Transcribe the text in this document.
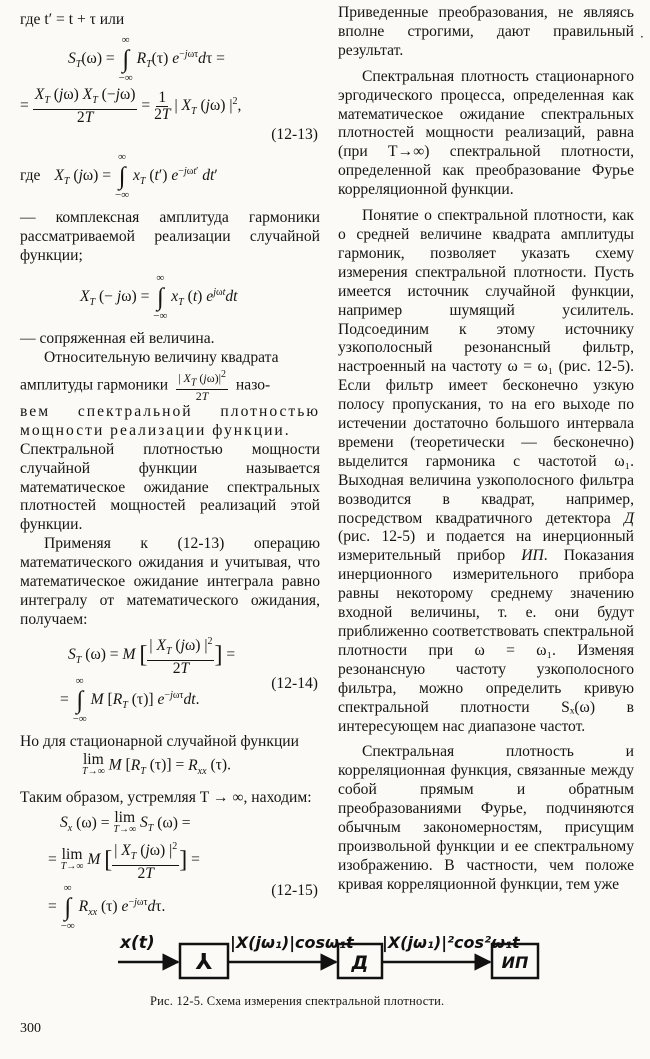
где t′ = t + τ или

$S_T(\omega)$ =
∞
∫
−∞
$R_T(\tau) e^{-j\omega\tau}d\tau$ =

= $\frac{X_T (j\omega) X_T (-j\omega)}{2T} = \frac{1}{2T}$ | $X_T$ (jω) $|^2$,

(12-13)

где $X_T$ (jω) =
∞
∫
−∞
$x_T$ (t′) $e^{-j\omega t'}$ dt′

— комплексная амплитуда гармоники рассматриваемой реализации случайной функции;

$X_T$ (− jω) =
∞
∫
−∞
$x_T$ (t) $e^{j\omega t}dt$

— сопряженная ей величина.

Относительную величину квадрата

амплитуды гармоники $\frac{| X_T (j\omega)|^2}{2T}$ назо-

вем спектральной плотностью мощности реализации функции.

Спектральной плотностью мощности случайной функции называется математическое ожидание спектральных плотностей мощностей реализаций этой функции.

Применяя к (12-13) операцию математического ожидания и учитывая, что математическое ожидание интеграла равно интегралу от математического ожидания, получаем:

$S_T$ (ω) = M [ $\frac{| X_T (j\omega) |^2}{2T}$ ] =

=
∞
∫
−∞
M [$R_T$ (τ)] $e^{-j\omega\tau}dt$.
(12-14)

Но для стационарной случайной функции

lim
T→∞ M [$R_T$ $(\tau)] = R_{xx}$ (τ).

Таким образом, устремляя T → ∞, находим:

$S_x$ (ω) = lim
T→∞ $S_T$ (ω) =

= lim
T→∞ M [ $\frac{| X_T (j\omega) |^2}{2T}$ ] =

=
∞
∫
−∞
$R_{xx}$ (τ) $e^{-j\omega\tau}d\tau$.
(12-15)

Приведенные преобразования, не являясь вполне строгими, дают правильный результат.

Спектральная плотность стационарного эргодического процесса, определенная как математическое ожидание спектральных плотностей мощности реализаций, равна (при T→∞) спектральной плотности, определенной как преобразование Фурье корреляционной функции.

Понятие о спектральной плотности, как о средней величине квадрата амплитуды гармоник, позволяет указать схему измерения спектральной плотности. Пусть имеется источник случайной функции, например шумящий усилитель. Подсоединим к этому источнику узкополосный резонансный фильтр, настроенный на частоту ω = ω₁ (рис. 12-5). Если фильтр имеет бесконечно узкую полосу пропускания, то на его выходе по истечении достаточно большого интервала времени (теоретически — бесконечно) выделится гармоника с частотой ω₁. Выходная величина узкополосного фильтра возводится в квадрат, например, посредством квадратичного детектора Д (рис. 12-5) и подается на инерционный измерительный прибор ИП. Показания инерционного измерительного прибора равны некоторому среднему значению входной величины, т. е. они будут приближенно соответствовать спектральной плотности при ω = ω₁. Изменяя резонансную частоту узкополосного фильтра, можно определить кривую спектральной плотности Sₓ(ω) в интересующем нас диапазоне частот.

Спектральная плотность и корреляционная функция, связанные между собой прямым и обратным преобразованиями Фурье, подчиняются обычным закономерностям, присущим произвольной функции и ее спектральному изображению. В частности, чем положе кривая корреляционной функции, тем уже

·
x(t)
⅄
|X(jω₁)|cosω₁t
Д
|X(jω₁)|²cos²ω₁t
ИП
Рис. 12-5. Схема измерения спектральной плотности.
300
